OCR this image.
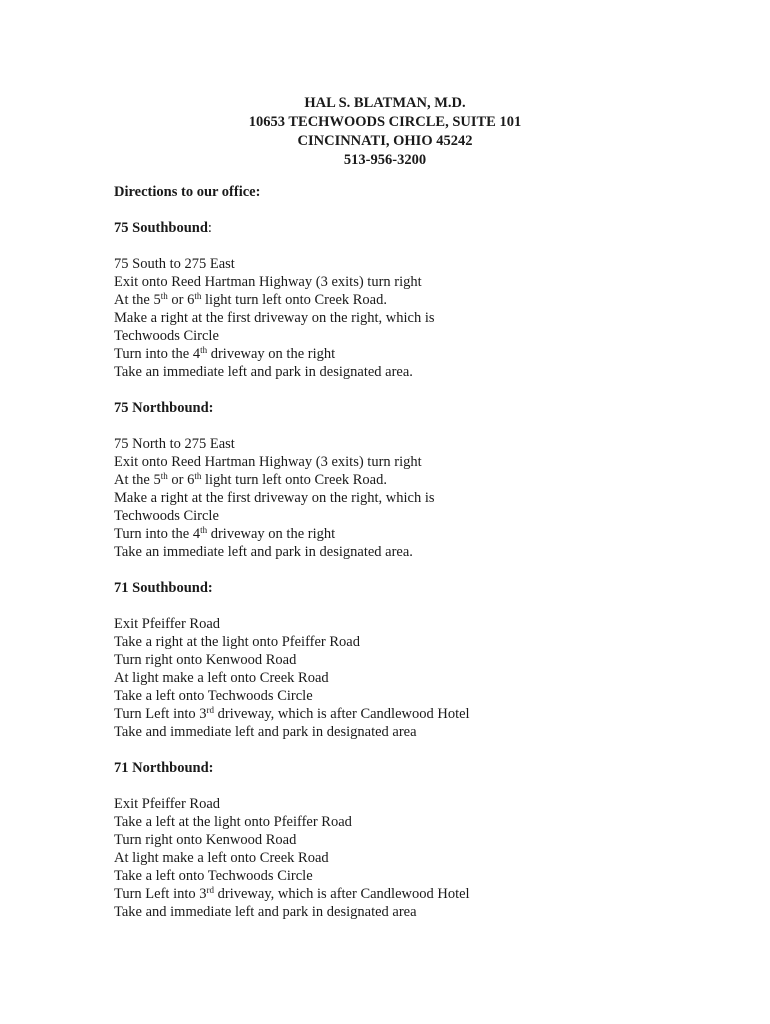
HAL S. BLATMAN, M.D.
10653 TECHWOODS CIRCLE, SUITE 101
CINCINNATI, OHIO 45242
513-956-3200
Directions to our office:
75 Southbound:
75 South to 275 East
Exit onto Reed Hartman Highway (3 exits) turn right
At the 5th or 6th light turn left onto Creek Road.
Make a right at the first driveway on the right, which is
Techwoods Circle
Turn into the 4th driveway on the right
Take an immediate left and park in designated area.
75 Northbound:
75 North to 275 East
Exit onto Reed Hartman Highway (3 exits) turn right
At the 5th or 6th light turn left onto Creek Road.
Make a right at the first driveway on the right, which is
Techwoods Circle
Turn into the 4th driveway on the right
Take an immediate left and park in designated area.
71 Southbound:
Exit Pfeiffer Road
Take a right at the light onto Pfeiffer Road
Turn right onto Kenwood Road
At light make a left onto Creek Road
Take a left onto Techwoods Circle
Turn Left into 3rd driveway, which is after Candlewood Hotel
Take and immediate left and park in designated area
71 Northbound:
Exit Pfeiffer Road
Take a left at the light onto Pfeiffer Road
Turn right onto Kenwood Road
At light make a left onto Creek Road
Take a left onto Techwoods Circle
Turn Left into 3rd driveway, which is after Candlewood Hotel
Take and immediate left and park in designated area
